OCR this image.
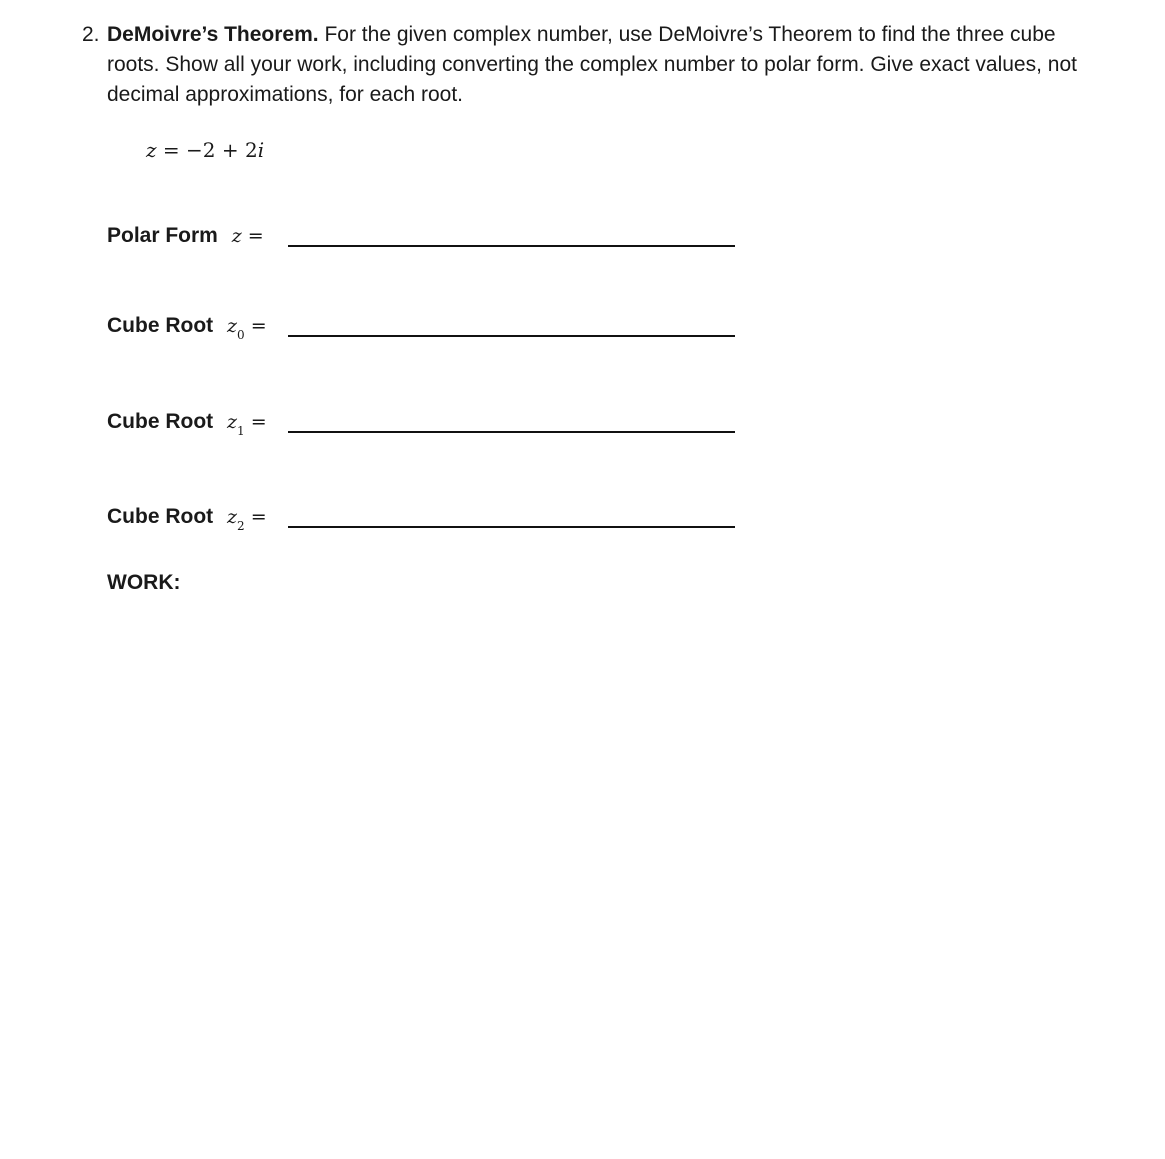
2. DeMoivre’s Theorem. For the given complex number, use DeMoivre’s Theorem to find the three cube roots. Show all your work, including converting the complex number to polar form. Give exact values, not decimal approximations, for each root.
z = −2 + 2i
Polar Form z =
Cube Root $z_0$ =
Cube Root $z_1$ =
Cube Root $z_2$ =
WORK:
